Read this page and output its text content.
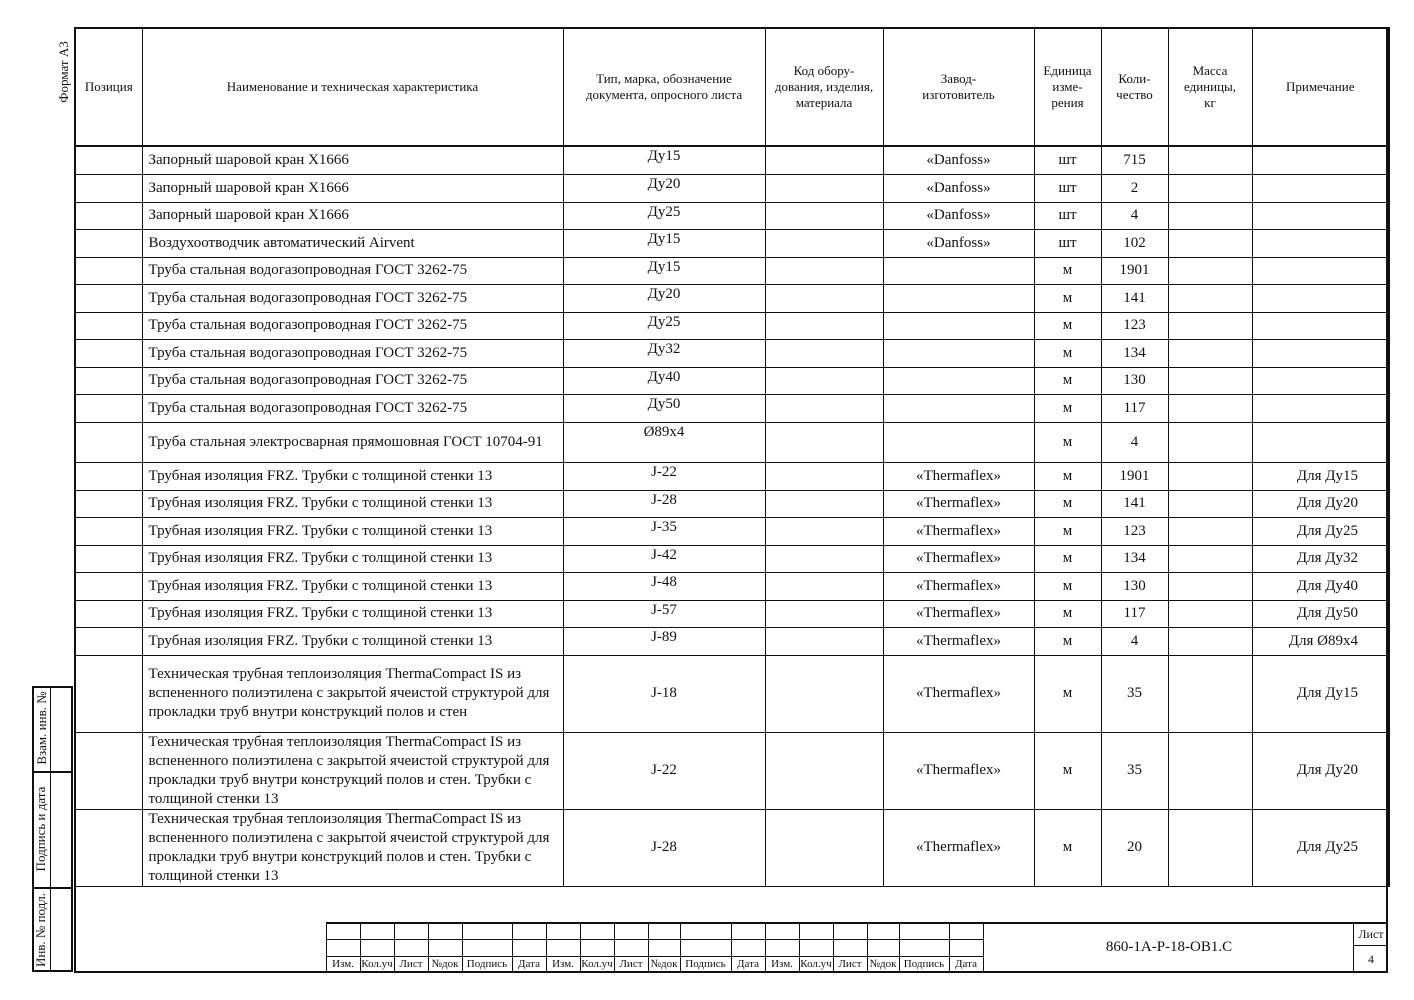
Формат А3 Позиция	Наименование и техническая характеристика	Тип, марка, обозначение документа, опросного листа	Код обору-дования, изделия, материала	Завод-изготовитель	Единица изме-рения	Коли-чество	Масса единицы, кг	Примечание
	Запорный шаровой кран X1666	Ду15		«Danfoss»	шт	715		
	Запорный шаровой кран X1666	Ду20		«Danfoss»	шт	2		
	Запорный шаровой кран X1666	Ду25		«Danfoss»	шт	4		
	Воздухоотводчик автоматический Airvent	Ду15		«Danfoss»	шт	102		
	Труба стальная водогазопроводная ГОСТ 3262-75	Ду15			м	1901		
	Труба стальная водогазопроводная ГОСТ 3262-75	Ду20			м	141		
	Труба стальная водогазопроводная ГОСТ 3262-75	Ду25			м	123		
	Труба стальная водогазопроводная ГОСТ 3262-75	Ду32			м	134		
	Труба стальная водогазопроводная ГОСТ 3262-75	Ду40			м	130		
	Труба стальная водогазопроводная ГОСТ 3262-75	Ду50			м	117		
	Труба стальная электросварная прямошовная ГОСТ 10704-91	Ø89x4			м	4		
	Трубная изоляция FRZ. Трубки с толщиной стенки 13	J-22		«Thermaflex»	м	1901		Для Ду15
	Трубная изоляция FRZ. Трубки с толщиной стенки 13	J-28		«Thermaflex»	м	141		Для Ду20
	Трубная изоляция FRZ. Трубки с толщиной стенки 13	J-35		«Thermaflex»	м	123		Для Ду25
	Трубная изоляция FRZ. Трубки с толщиной стенки 13	J-42		«Thermaflex»	м	134		Для Ду32
	Трубная изоляция FRZ. Трубки с толщиной стенки 13	J-48		«Thermaflex»	м	130		Для Ду40
	Трубная изоляция FRZ. Трубки с толщиной стенки 13	J-57		«Thermaflex»	м	117		Для Ду50
	Трубная изоляция FRZ. Трубки с толщиной стенки 13	J-89		«Thermaflex»	м	4		Для Ø89x4
	Техническая трубная теплоизоляция ThermaCompact IS из вспененного полиэтилена с закрытой ячеистой структурой для прокладки труб внутри конструкций полов и стен	J-18		«Thermaflex»	м	35		Для Ду15
	Техническая трубная теплоизоляция ThermaCompact IS из вспененного полиэтилена с закрытой ячеистой структурой для прокладки труб внутри конструкций полов и стен. Трубки с толщиной стенки 13	J-22		«Thermaflex»	м	35		Для Ду20
	Техническая трубная теплоизоляция ThermaCompact IS из вспененного полиэтилена с закрытой ячеистой структурой для прокладки труб внутри конструкций полов и стен. Трубки с толщиной стенки 13	J-28		«Thermaflex»	м	20		Для Ду25
Взам. инв. №
Подпись и дата
Инв. № подл.	Изм. Кол.уч Лист №док Подпись Дата	Изм. Кол.уч Лист №док Подпись	Дата	Изм. Кол.уч Лист №док Подпись Дата
860-1А-Р-18-ОВ1.С
Лист
4
